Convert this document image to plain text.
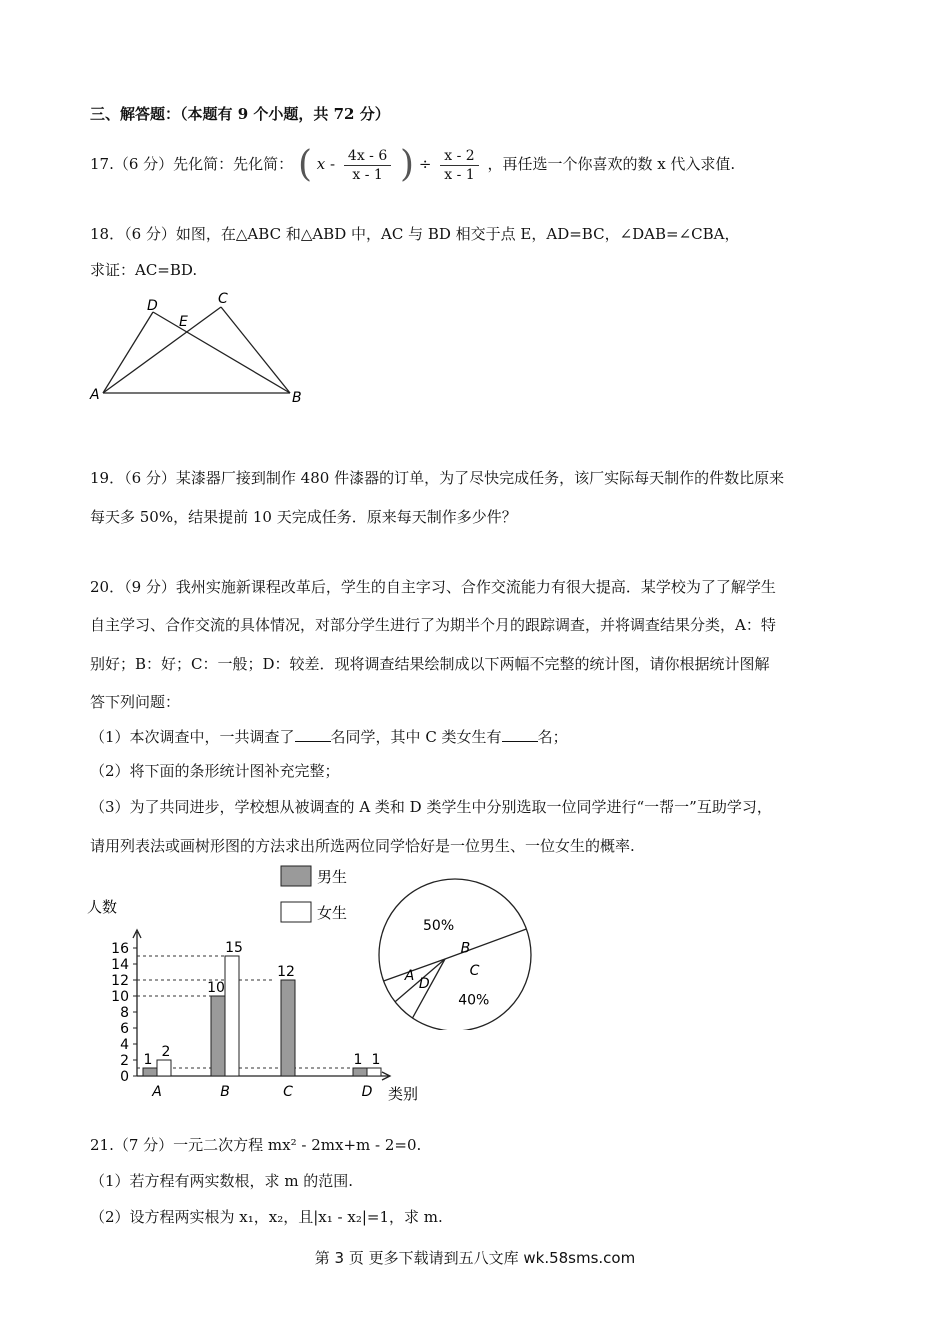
三、解答题：（本题有 9 个小题，共 72 分）
17.（6 分）先化简：先化简： ( x - $\frac{4x - 6}{x - 1}$ ) ÷ $\frac{x - 2}{x - 1}$ ，再任选一个你喜欢的数 x 代入求值.
18．（6 分）如图，在△ABC 和△ABD 中，AC 与 BD 相交于点 E，AD=BC，∠DAB=∠CBA，
求证：AC=BD.
D	C
E
A	B
19．（6 分）某漆器厂接到制作 480 件漆器的订单，为了尽快完成任务，该厂实际每天制作的件数比原来
每天多 50%，结果提前 10 天完成任务．原来每天制作多少件？
20．（9 分）我州实施新课程改革后，学生的自主字习、合作交流能力有很大提高．某学校为了了解学生
自主学习、合作交流的具体情况，对部分学生进行了为期半个月的跟踪调查，并将调查结果分类，A：特
别好；B：好；C：一般；D：较差．现将调查结果绘制成以下两幅不完整的统计图，请你根据统计图解
答下列问题：
（1）本次调查中，一共调查了 名同学，其中 C 类女生有 名；
（2）将下面的条形统计图补充完整；
（3）为了共同进步，学校想从被调查的 A 类和 D 类学生中分别选取一位同学进行“一帮一”互助学习，
请用列表法或画树形图的方法求出所选两位同学恰好是一位男生、一位女生的概率.
人数
类别
0
2
4
6
8
10
12
14
16
1 2
A
10
15
B
12
C
1 1
D
男生
女生
B
50%
C
40%
D
A
21.（7 分）一元二次方程 mx² - 2mx+m - 2=0.
（1）若方程有两实数根，求 m 的范围.
（2）设方程两实根为 x₁，x₂，且|x₁ - x₂|=1，求 m.
第 3 页 更多下载请到五八文库 wk.58sms.com
